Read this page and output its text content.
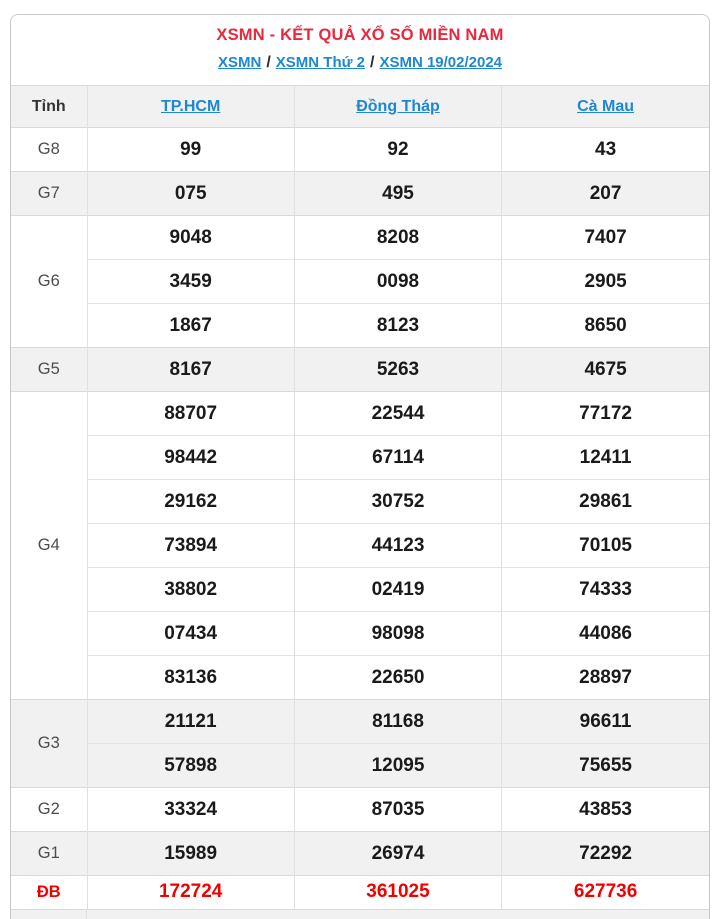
XSMN - KẾT QUẢ XỔ SỐ MIỀN NAM
XSMN / XSMN Thứ 2 / XSMN 19/02/2024
Tỉnh	TP.HCM	Đồng Tháp	Cà Mau
G8	99	92	43
G7	075	495	207
G6	9048	8208	7407
	3459	0098	2905
	1867	8123	8650
G5	8167	5263	4675
G4	88707	22544	77172
	98442	67114	12411
	29162	30752	29861
	73894	44123	70105
	38802	02419	74333
	07434	98098	44086
	83136	22650	28897
G3	21121	81168	96611
	57898	12095	75655
G2	33324	87035	43853
G1	15989	26974	72292
ĐB	172724	361025	627736
